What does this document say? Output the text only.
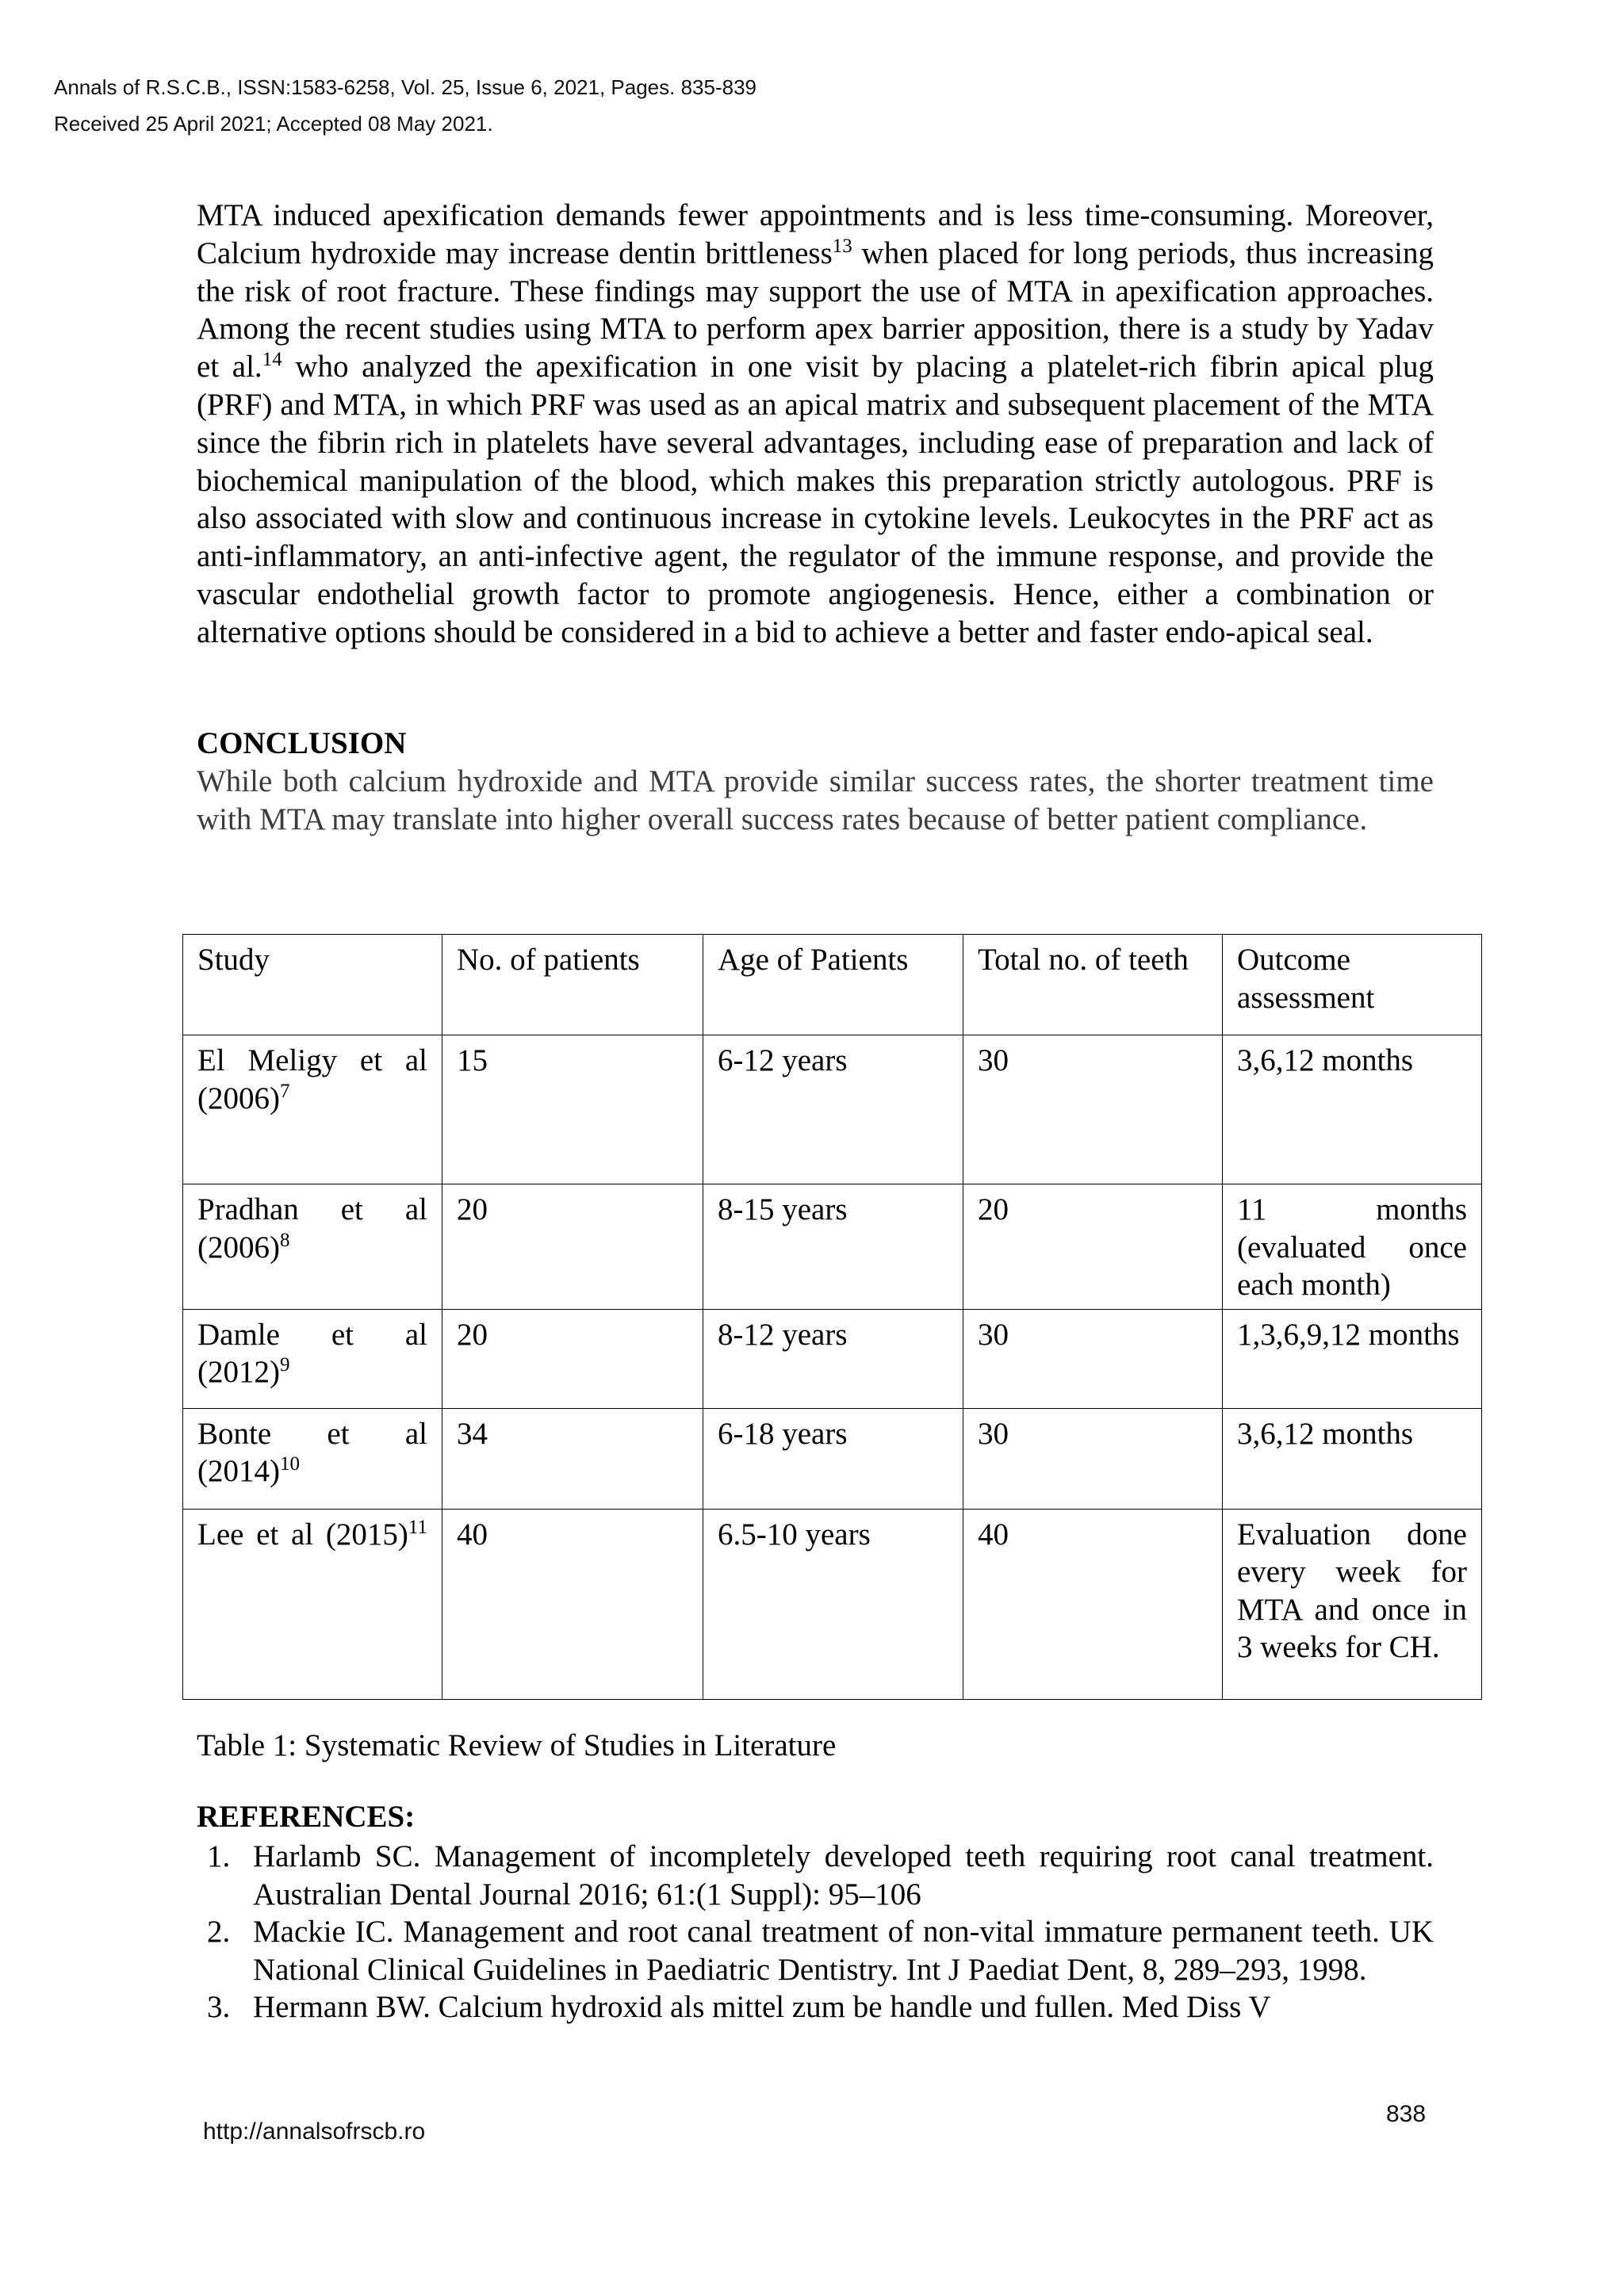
Annals of R.S.C.B., ISSN:1583-6258, Vol. 25, Issue 6, 2021, Pages. 835-839
Received 25 April 2021; Accepted 08 May 2021.

MTA induced apexification demands fewer appointments and is less time-consuming. Moreover, Calcium hydroxide may increase dentin brittleness$^{13}$ when placed for long periods, thus increasing the risk of root fracture. These findings may support the use of MTA in apexification approaches. Among the recent studies using MTA to perform apex barrier apposition, there is a study by Yadav et al.$^{14}$ who analyzed the apexification in one visit by placing a platelet-rich fibrin apical plug (PRF) and MTA, in which PRF was used as an apical matrix and subsequent placement of the MTA since the fibrin rich in platelets have several advantages, including ease of preparation and lack of biochemical manipulation of the blood, which makes this preparation strictly autologous. PRF is also associated with slow and continuous increase in cytokine levels. Leukocytes in the PRF act as anti-inflammatory, an anti-infective agent, the regulator of the immune response, and provide the vascular endothelial growth factor to promote angiogenesis. Hence, either a combination or alternative options should be considered in a bid to achieve a better and faster endo-apical seal.

CONCLUSION

While both calcium hydroxide and MTA provide similar success rates, the shorter treatment time with MTA may translate into higher overall success rates because of better patient compliance.

Study	No. of patients	Age of Patients	Total no. of teeth	Outcome assessment
El Meligy et al $(2006)^7$	15	6-12 years	30	3,6,12 months
Pradhan et al $(2006)^8$	20	8-15 years	20	11 months (evaluated once each month)
Damle et al $(2012)^9$	20	8-12 years	30	1,3,6,9,12 months
Bonte et al $(2014)^{10}$	34	6-18 years	30	3,6,12 months
Lee et al $(2015)^{11}$	40	6.5-10 years	40	Evaluation done every week for MTA and once in 3 weeks for CH.

Table 1: Systematic Review of Studies in Literature

REFERENCES:

1. Harlamb SC. Management of incompletely developed teeth requiring root canal treatment. Australian Dental Journal 2016; 61:(1 Suppl): 95–106
2. Mackie IC. Management and root canal treatment of non-vital immature permanent teeth. UK National Clinical Guidelines in Paediatric Dentistry. Int J Paediat Dent, 8, 289–293, 1998.
3. Hermann BW. Calcium hydroxid als mittel zum be handle und fullen. Med Diss V
http://annalsofrscb.ro
838
